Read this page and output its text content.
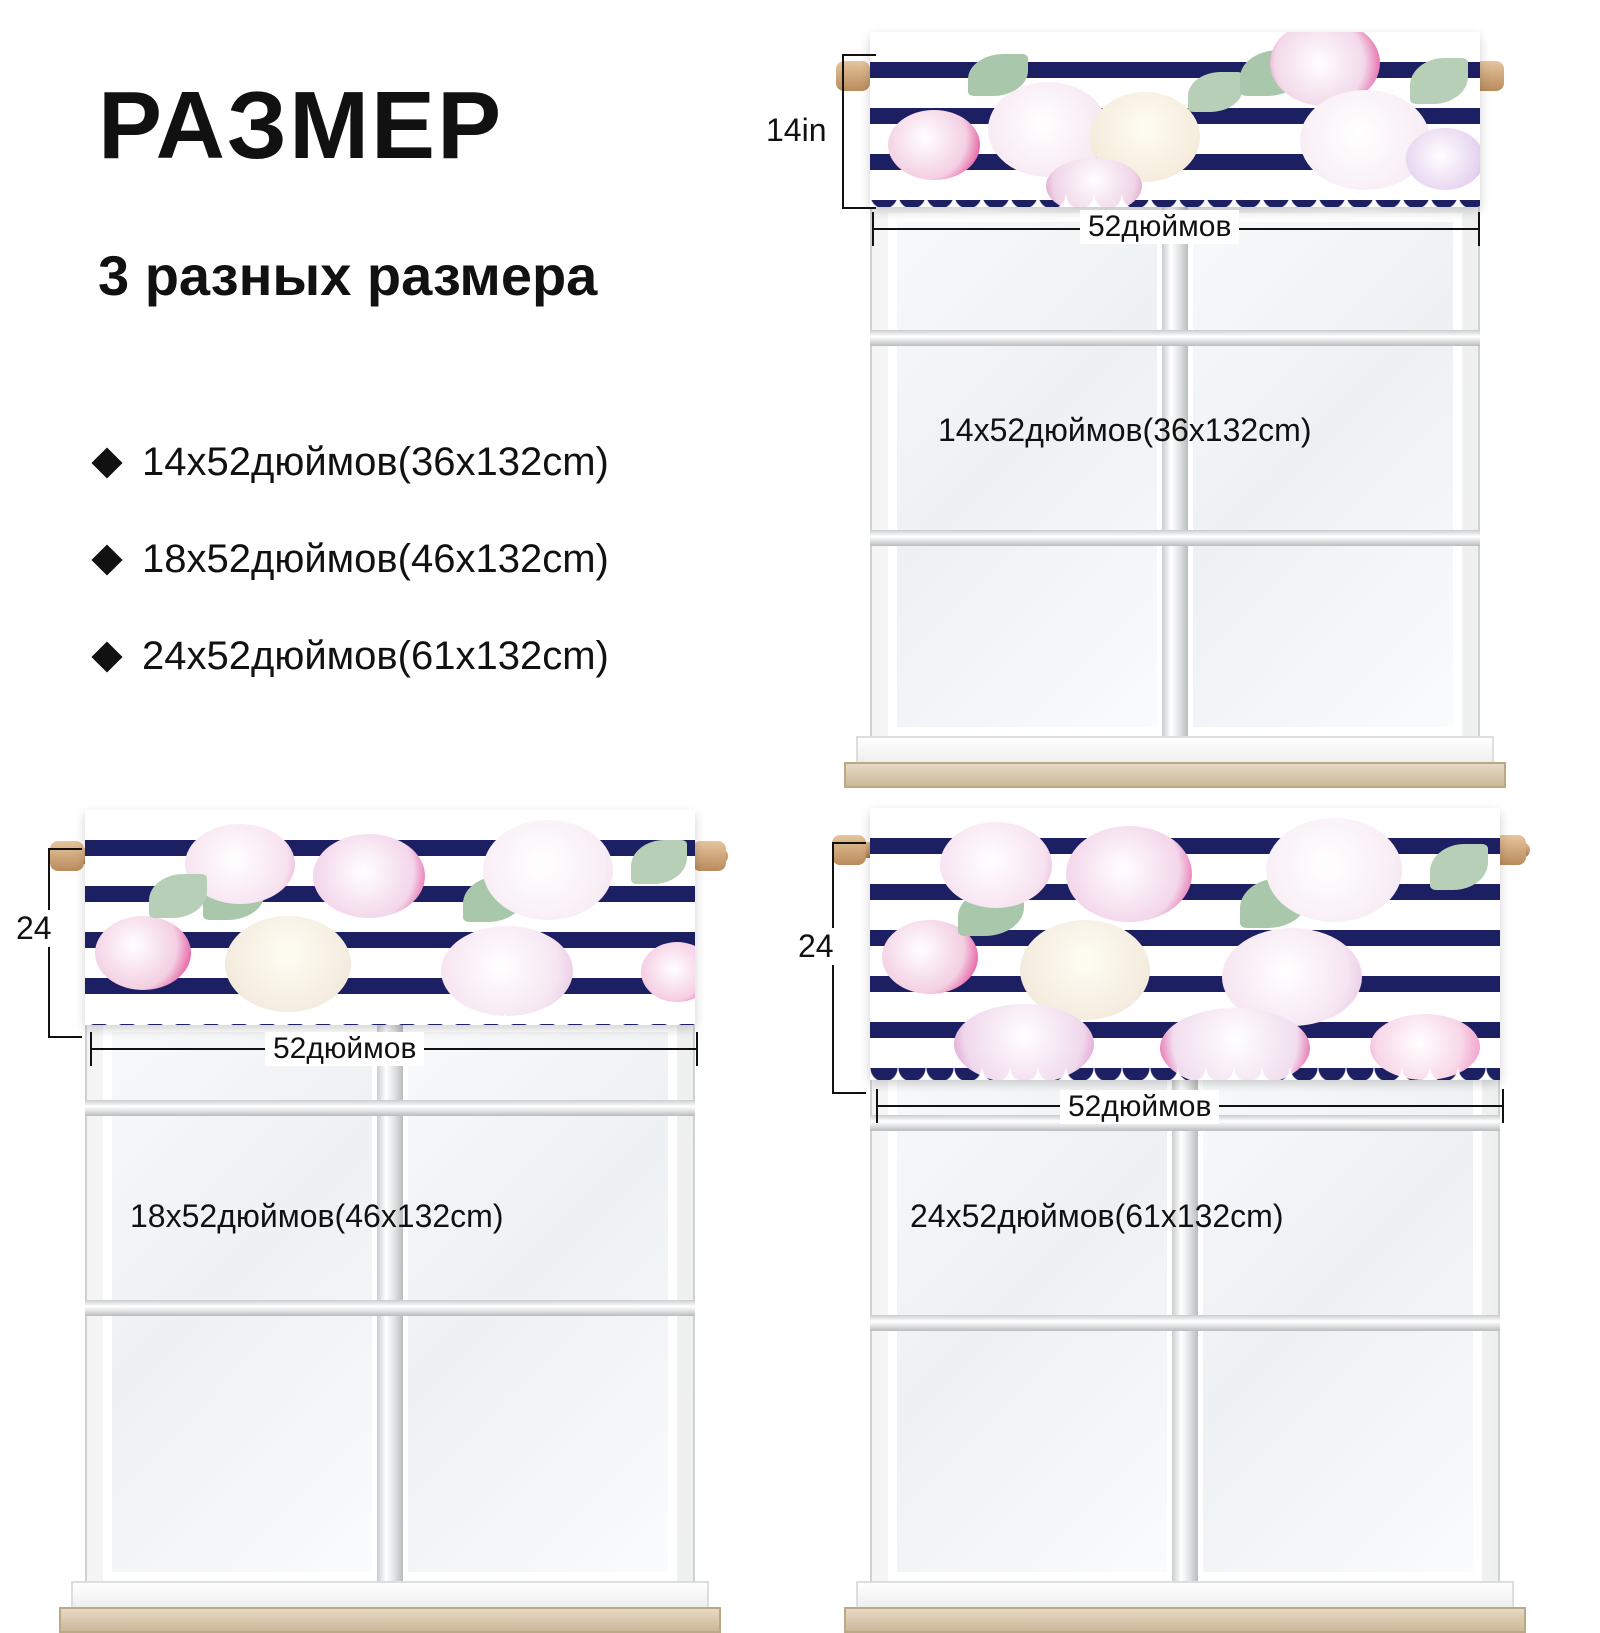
РАЗМЕР
3 разных размера
14x52дюймов(36x132cm)
18x52дюймов(46x132cm)
24x52дюймов(61x132cm)
14in
52дюймов
14x52дюймов(36x132cm)
24
52дюймов
18x52дюймов(46x132cm)
24
52дюймов
24x52дюймов(61x132cm)
